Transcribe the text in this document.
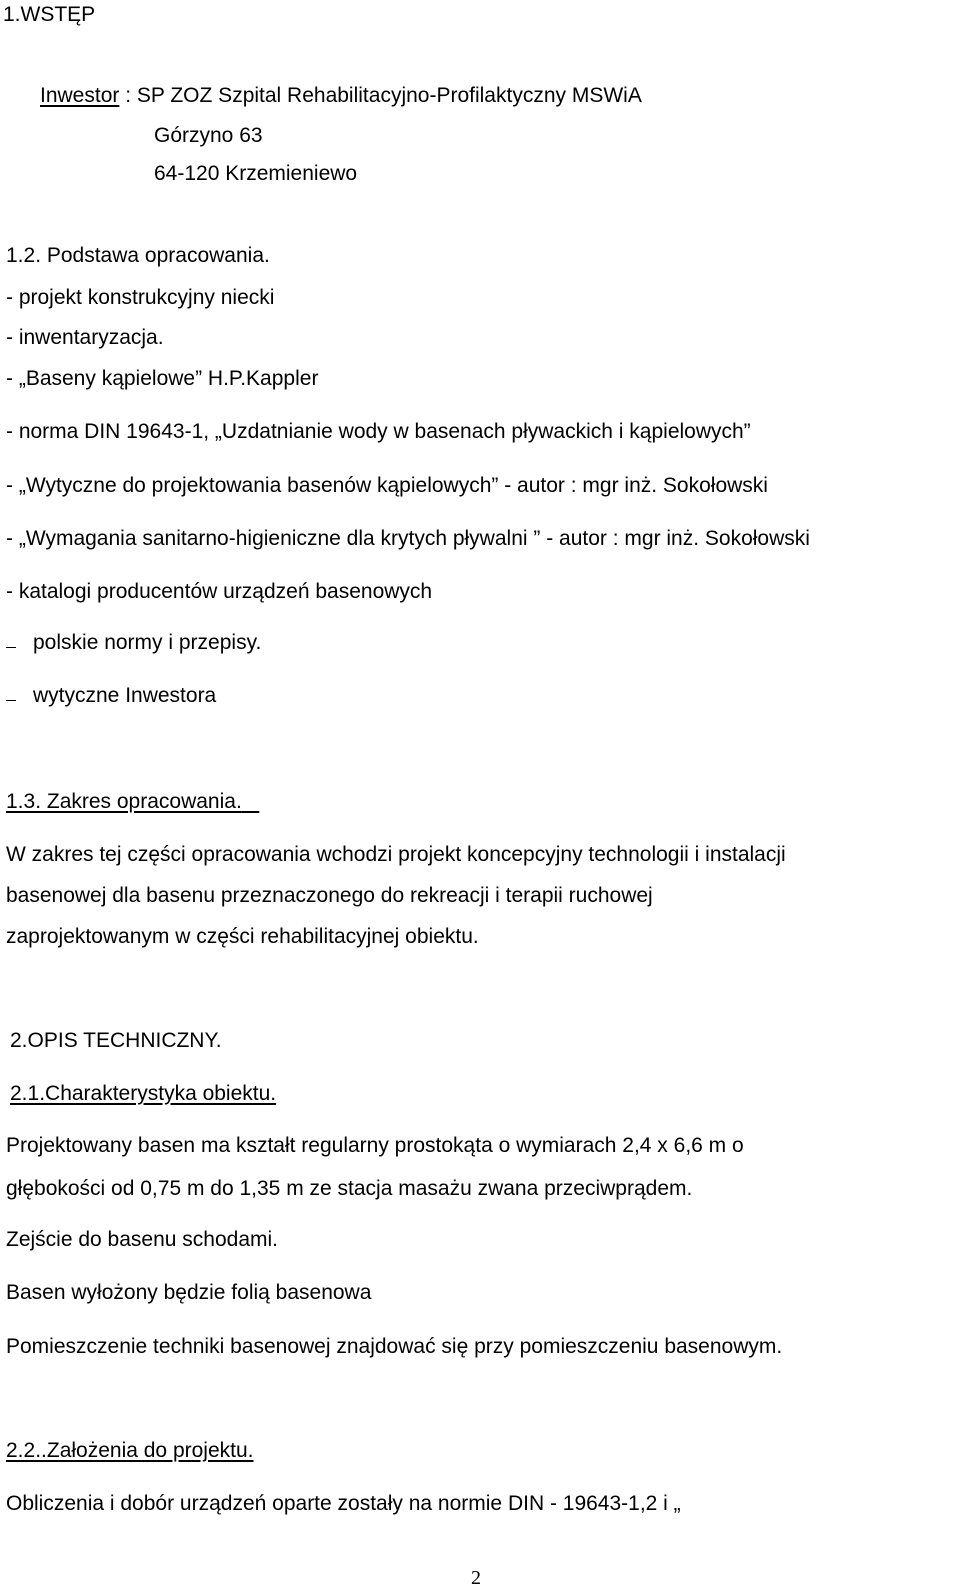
1.WSTĘP
Inwestor : SP ZOZ Szpital Rehabilitacyjno-Profilaktyczny MSWiA
Górzyno 63
64-120 Krzemieniewo
1.2. Podstawa opracowania.
- projekt konstrukcyjny niecki
- inwentaryzacja.
- „Baseny kąpielowe” H.P.Kappler
- norma DIN 19643-1, „Uzdatnianie wody w basenach pływackich i kąpielowych”
- „Wytyczne do projektowania basenów kąpielowych” - autor : mgr inż. Sokołowski
- „Wymagania sanitarno-higieniczne dla krytych pływalni ” - autor : mgr inż. Sokołowski
- katalogi producentów urządzeń basenowych
polskie normy i przepisy.
wytyczne Inwestora
1.3. Zakres opracowania.
W zakres tej części opracowania wchodzi projekt koncepcyjny technologii i instalacji
basenowej dla basenu przeznaczonego do rekreacji i terapii ruchowej
zaprojektowanym w części rehabilitacyjnej obiektu.
2.OPIS TECHNICZNY.
2.1.Charakterystyka obiektu.
Projektowany basen ma kształt regularny prostokąta o wymiarach 2,4 x 6,6 m o
głębokości od 0,75 m do 1,35 m ze stacja masażu zwana przeciwprądem.
Zejście do basenu schodami.
Basen wyłożony będzie folią basenowa
Pomieszczenie techniki basenowej znajdować się przy pomieszczeniu basenowym.
2.2..Założenia do projektu.
Obliczenia i dobór urządzeń oparte zostały na normie DIN - 19643-1,2 i „
2
